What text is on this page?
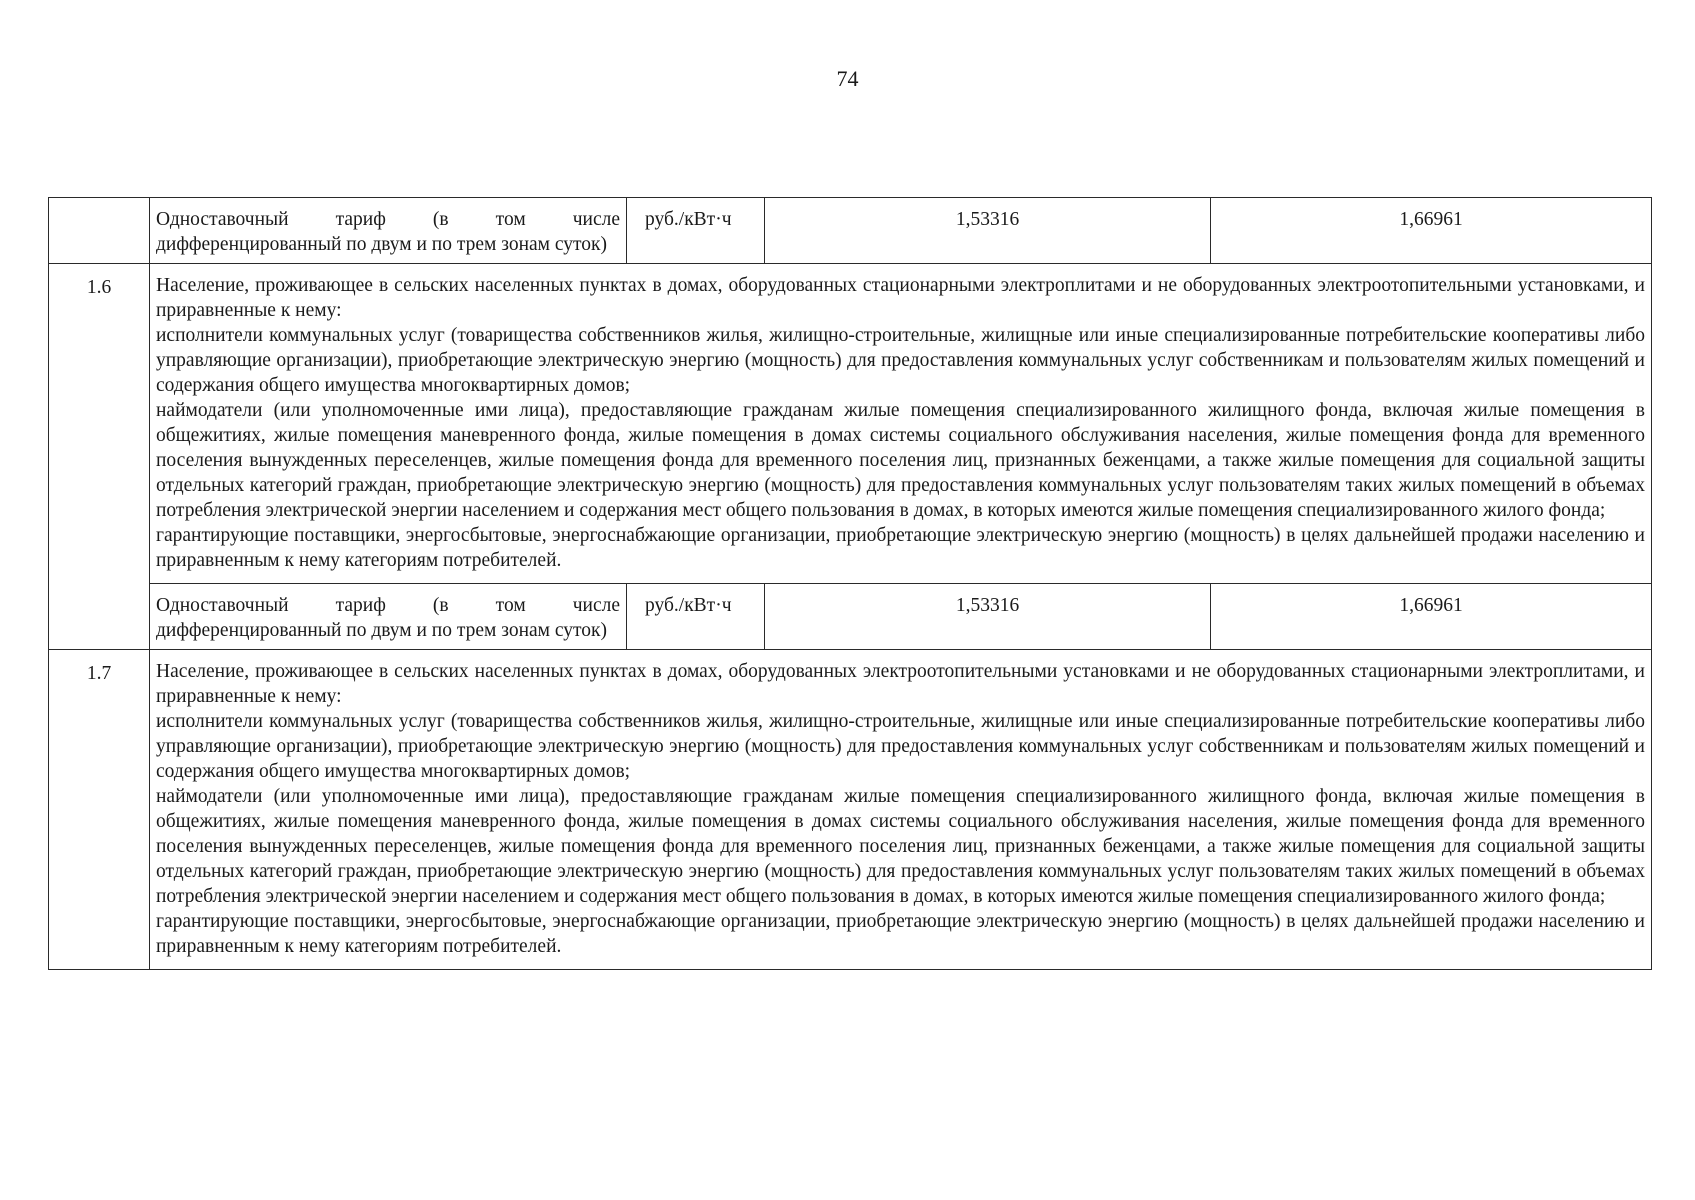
74
	Одноставочный тариф (в том числе дифференцированный по двум и по трем зонам суток)	руб./кВт·ч	1,53316	1,66961
1.6	Население, проживающее в сельских населенных пунктах в домах, оборудованных стационарными электроплитами и не оборудованных электроотопительными установками, и приравненные к нему:

исполнители коммунальных услуг (товарищества собственников жилья, жилищно-строительные, жилищные или иные специализированные потребительские кооперативы либо управляющие организации), приобретающие электрическую энергию (мощность) для предоставления коммунальных услуг собственникам и пользователям жилых помещений и содержания общего имущества многоквартирных домов;

наймодатели (или уполномоченные ими лица), предоставляющие гражданам жилые помещения специализированного жилищного фонда, включая жилые помещения в общежитиях, жилые помещения маневренного фонда, жилые помещения в домах системы социального обслуживания населения, жилые помещения фонда для временного поселения вынужденных переселенцев, жилые помещения фонда для временного поселения лиц, признанных беженцами, а также жилые помещения для социальной защиты отдельных категорий граждан, приобретающие электрическую энергию (мощность) для предоставления коммунальных услуг пользователям таких жилых помещений в объемах потребления электрической энергии населением и содержания мест общего пользования в домах, в которых имеются жилые помещения специализированного жилого фонда;

гарантирующие поставщики, энергосбытовые, энергоснабжающие организации, приобретающие электрическую энергию (мощность) в целях дальнейшей продажи населению и приравненным к нему категориям потребителей.			

	Одноставочный тариф (в том числе дифференцированный по двум и по трем зонам суток)	руб./кВт·ч	1,53316	1,66961
1.7	Население, проживающее в сельских населенных пунктах в домах, оборудованных электроотопительными установками и не оборудованных стационарными электроплитами, и приравненные к нему:

исполнители коммунальных услуг (товарищества собственников жилья, жилищно-строительные, жилищные или иные специализированные потребительские кооперативы либо управляющие организации), приобретающие электрическую энергию (мощность) для предоставления коммунальных услуг собственникам и пользователям жилых помещений и содержания общего имущества многоквартирных домов;

наймодатели (или уполномоченные ими лица), предоставляющие гражданам жилые помещения специализированного жилищного фонда, включая жилые помещения в общежитиях, жилые помещения маневренного фонда, жилые помещения в домах системы социального обслуживания населения, жилые помещения фонда для временного поселения вынужденных переселенцев, жилые помещения фонда для временного поселения лиц, признанных беженцами, а также жилые помещения для социальной защиты отдельных категорий граждан, приобретающие электрическую энергию (мощность) для предоставления коммунальных услуг пользователям таких жилых помещений в объемах потребления электрической энергии населением и содержания мест общего пользования в домах, в которых имеются жилые помещения специализированного жилого фонда;

гарантирующие поставщики, энергосбытовые, энергоснабжающие организации, приобретающие электрическую энергию (мощность) в целях дальнейшей продажи населению и приравненным к нему категориям потребителей.			
